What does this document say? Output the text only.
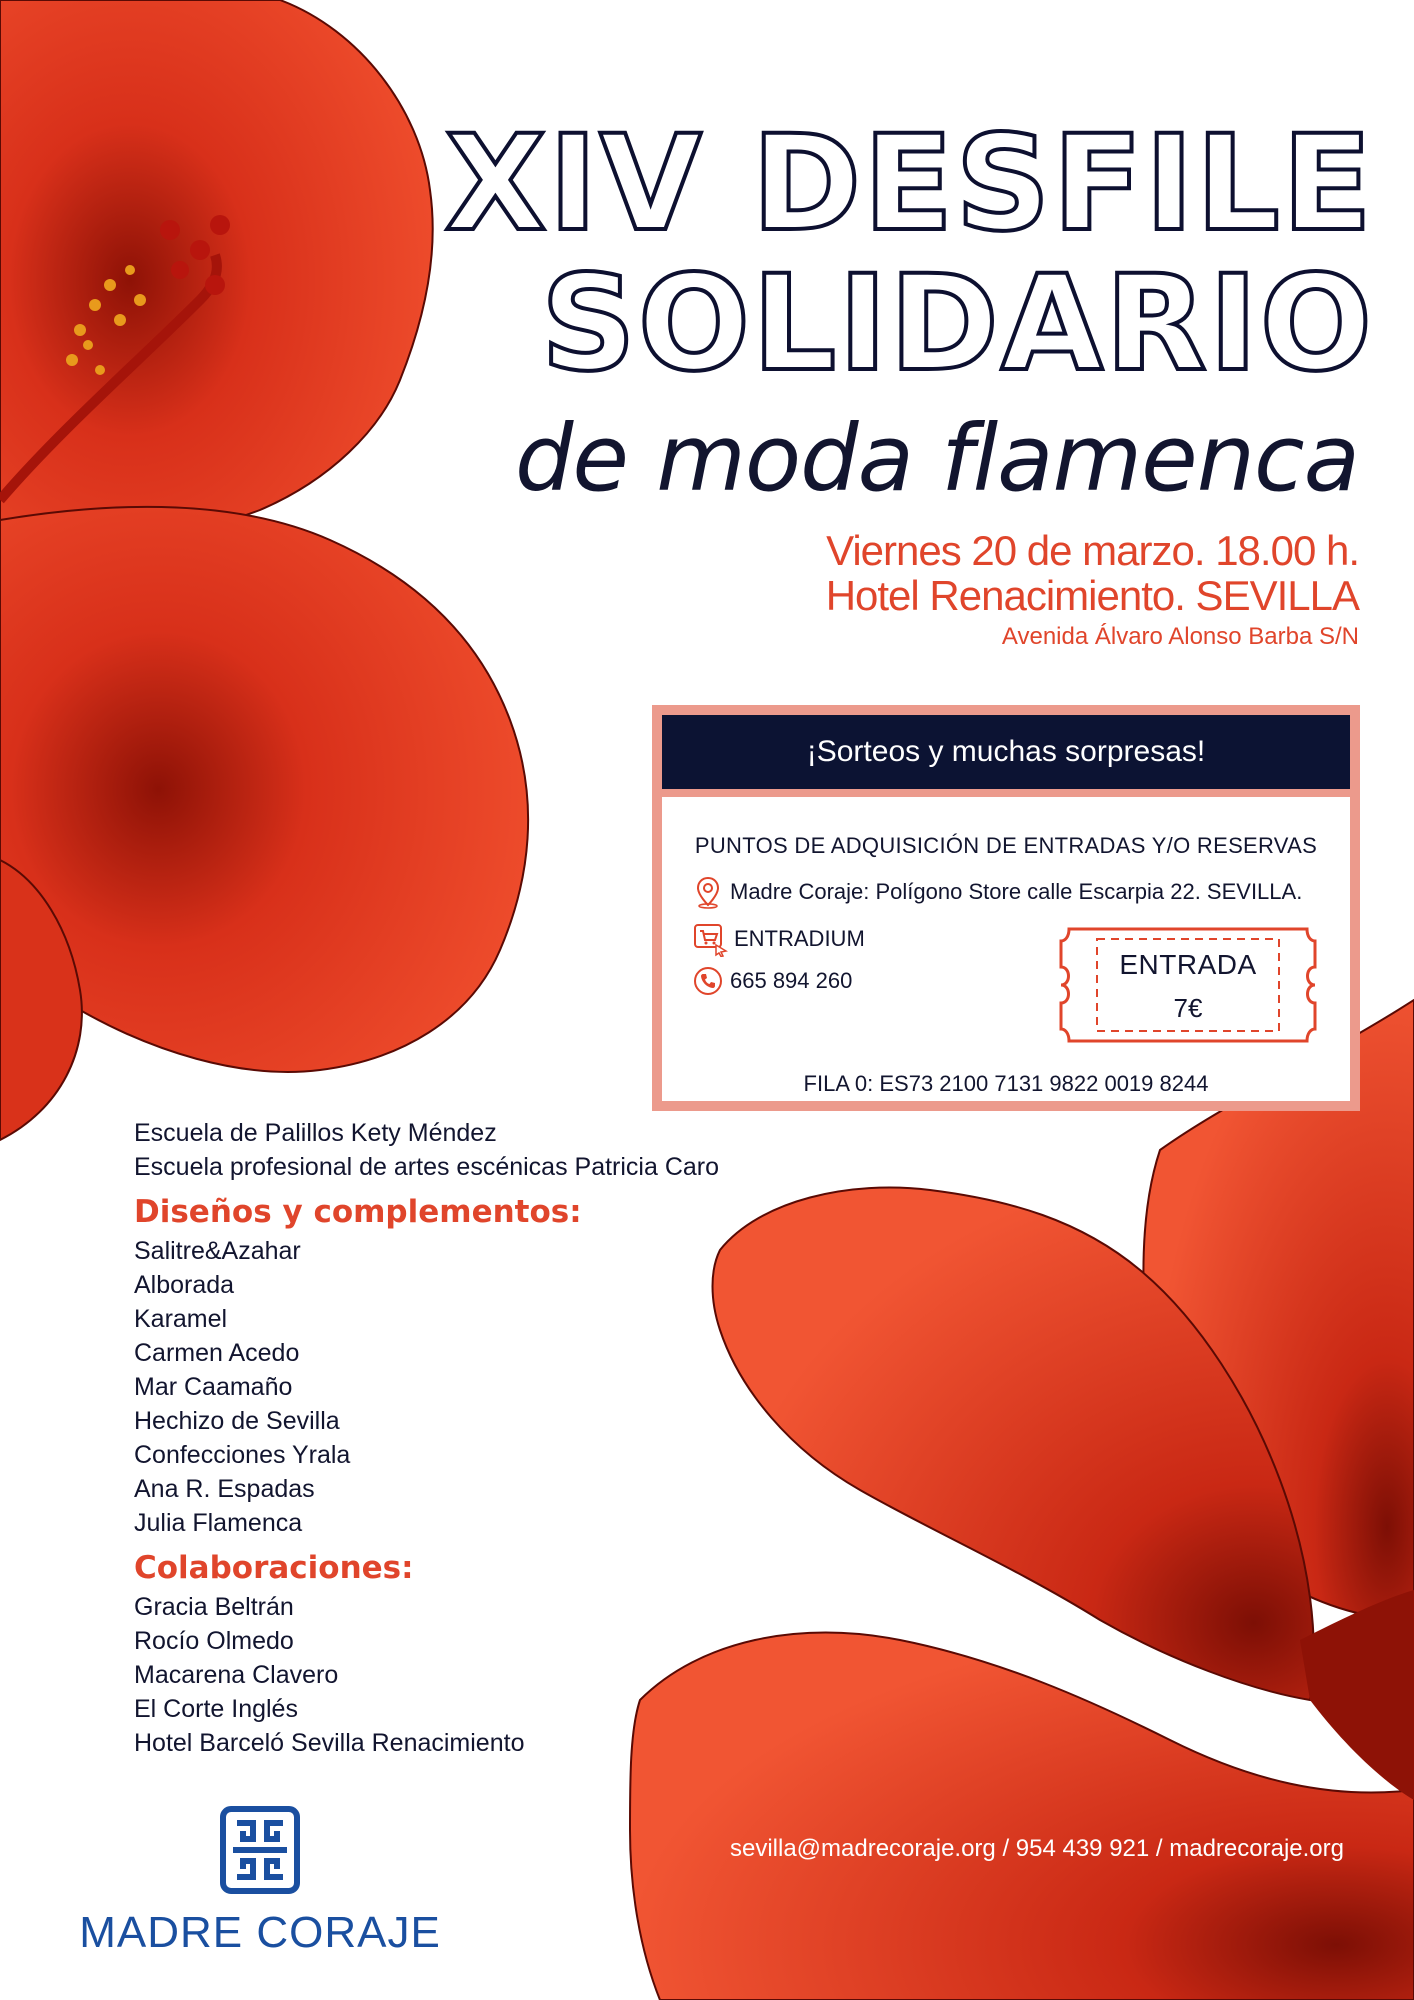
XIV DESFILE
SOLIDARIO
de moda flamenca
Viernes 20 de marzo. 18.00 h.
Hotel Renacimiento. SEVILLA
Avenida Álvaro Alonso Barba S/N
¡Sorteos y muchas sorpresas!
PUNTOS DE ADQUISICIÓN DE ENTRADAS Y/O RESERVAS
Madre Coraje: Polígono Store calle Escarpia 22. SEVILLA.
ENTRADIUM
665 894 260
ENTRADA
7€
FILA 0: ES73 2100 7131 9822 0019 8244
Escuela de Palillos Kety Méndez
Escuela profesional de artes escénicas Patricia Caro
Diseños y complementos:
Salitre&Azahar
Alborada
Karamel
Carmen Acedo
Mar Caamaño
Hechizo de Sevilla
Confecciones Yrala
Ana R. Espadas
Julia Flamenca
Colaboraciones:
Gracia Beltrán
Rocío Olmedo
Macarena Clavero
El Corte Inglés
Hotel Barceló Sevilla Renacimiento
MADRE CORAJE
sevilla@madrecoraje.org / 954 439 921 / madrecoraje.org
